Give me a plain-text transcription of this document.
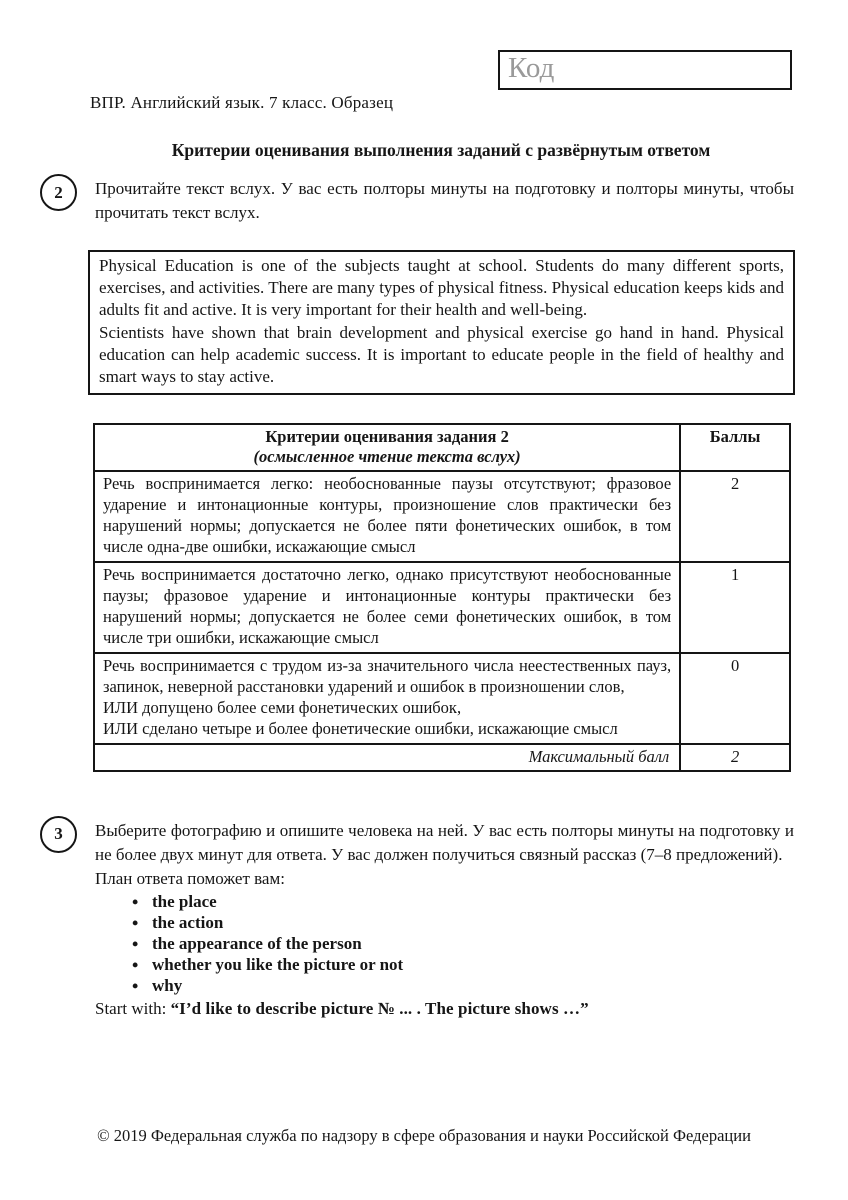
ВПР. Английский язык. 7 класс. Образец
Код
Критерии оценивания выполнения заданий с развёрнутым ответом
2	Прочитайте текст вслух. У вас есть полторы минуты на подготовку и полторы минуты, чтобы прочитать текст вслух.

Physical Education is one of the subjects taught at school. Students do many different sports, exercises, and activities. There are many types of physical fitness. Physical education keeps kids and adults fit and active. It is very important for their health and well-being.

Scientists have shown that brain development and physical exercise go hand in hand. Physical education can help academic success. It is important to educate people in the field of healthy and smart ways to stay active.

Критерии оценивания задания 2
(осмысленное чтение текста вслух)	Баллы

Речь воспринимается легко: необоснованные паузы отсутствуют; фразовое ударение и интонационные контуры, произношение слов практически без нарушений нормы; допускается не более пяти фонетических ошибок, в том числе одна-две ошибки, искажающие смысл	2

Речь воспринимается достаточно легко, однако присутствуют необоснованные паузы; фразовое ударение и интонационные контуры практически без нарушений нормы; допускается не более семи фонетических ошибок, в том числе три ошибки, искажающие смысл	1

Речь воспринимается с трудом из-за значительного числа неестественных пауз, запинок, неверной расстановки ударений и ошибок в произношении слов,
ИЛИ допущено более семи фонетических ошибок,
ИЛИ сделано четыре и более фонетические ошибки, искажающие смысл	0
Максимальный балл	2
3	Выберите фотографию и опишите человека на ней. У вас есть полторы минуты на подготовку и не более двух минут для ответа. У вас должен получиться связный рассказ (7–8 предложений).

План ответа поможет вам:

• the place
• the action
• the appearance of the person
• whether you like the picture or not
• why

Start with: “I’d like to describe picture № ... . The picture shows …”

© 2019 Федеральная служба по надзору в сфере образования и науки Российской Федерации
